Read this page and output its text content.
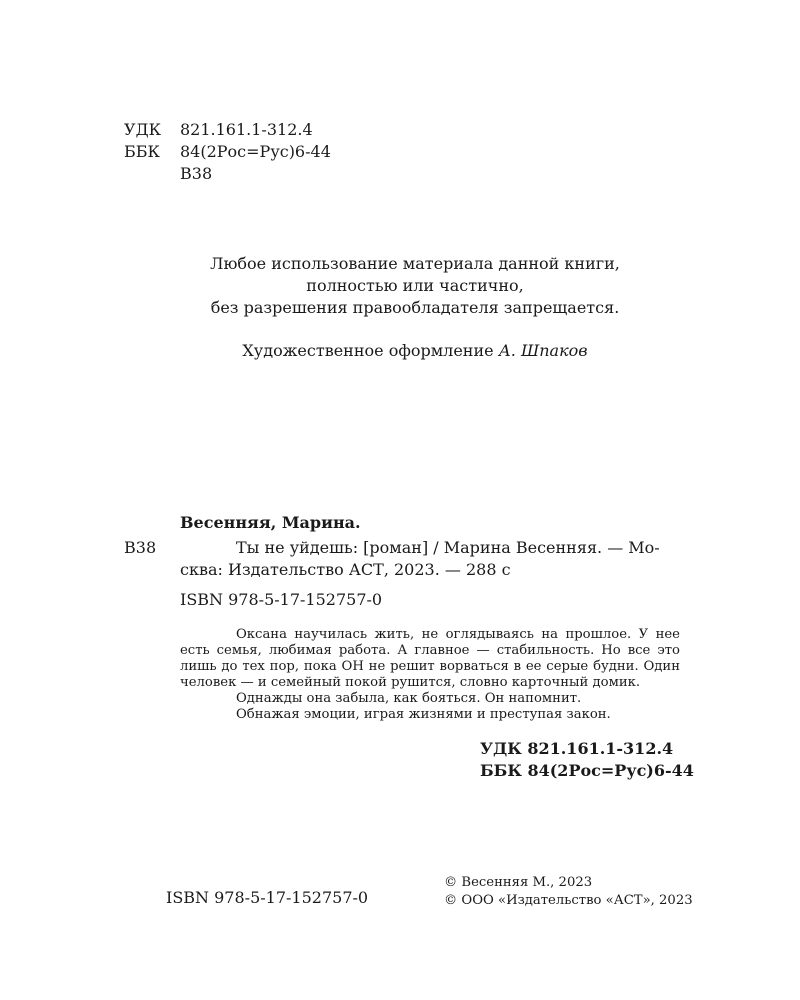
УДК 821.161.1-312.4
ББК 84(2Рос=Рус)6-44
В38
Любое использование материала данной книги,
полностью или частично,
без разрешения правообладателя запрещается.
Художественное оформление А. Шпаков
Весенняя, Марина.
В38	Ты не уйдешь: [роман] / Марина Весенняя. — Мо-
сква: Издательство АСТ, 2023. — 288 с
ISBN 978-5-17-152757-0
Оксана научилась жить, не оглядываясь на прошлое. У нее
есть семья, любимая работа. А главное — стабильность. Но все это
лишь до тех пор, пока ОН не решит ворваться в ее серые будни. Один
человек — и семейный покой рушится, словно карточный домик.
Однажды она забыла, как бояться. Он напомнит.
Обнажая эмоции, играя жизнями и преступая закон.
УДК 821.161.1-312.4
ББК 84(2Рос=Рус)6-44
ISBN 978-5-17-152757-0
© Весенняя М., 2023
© ООО «Издательство «АСТ», 2023
